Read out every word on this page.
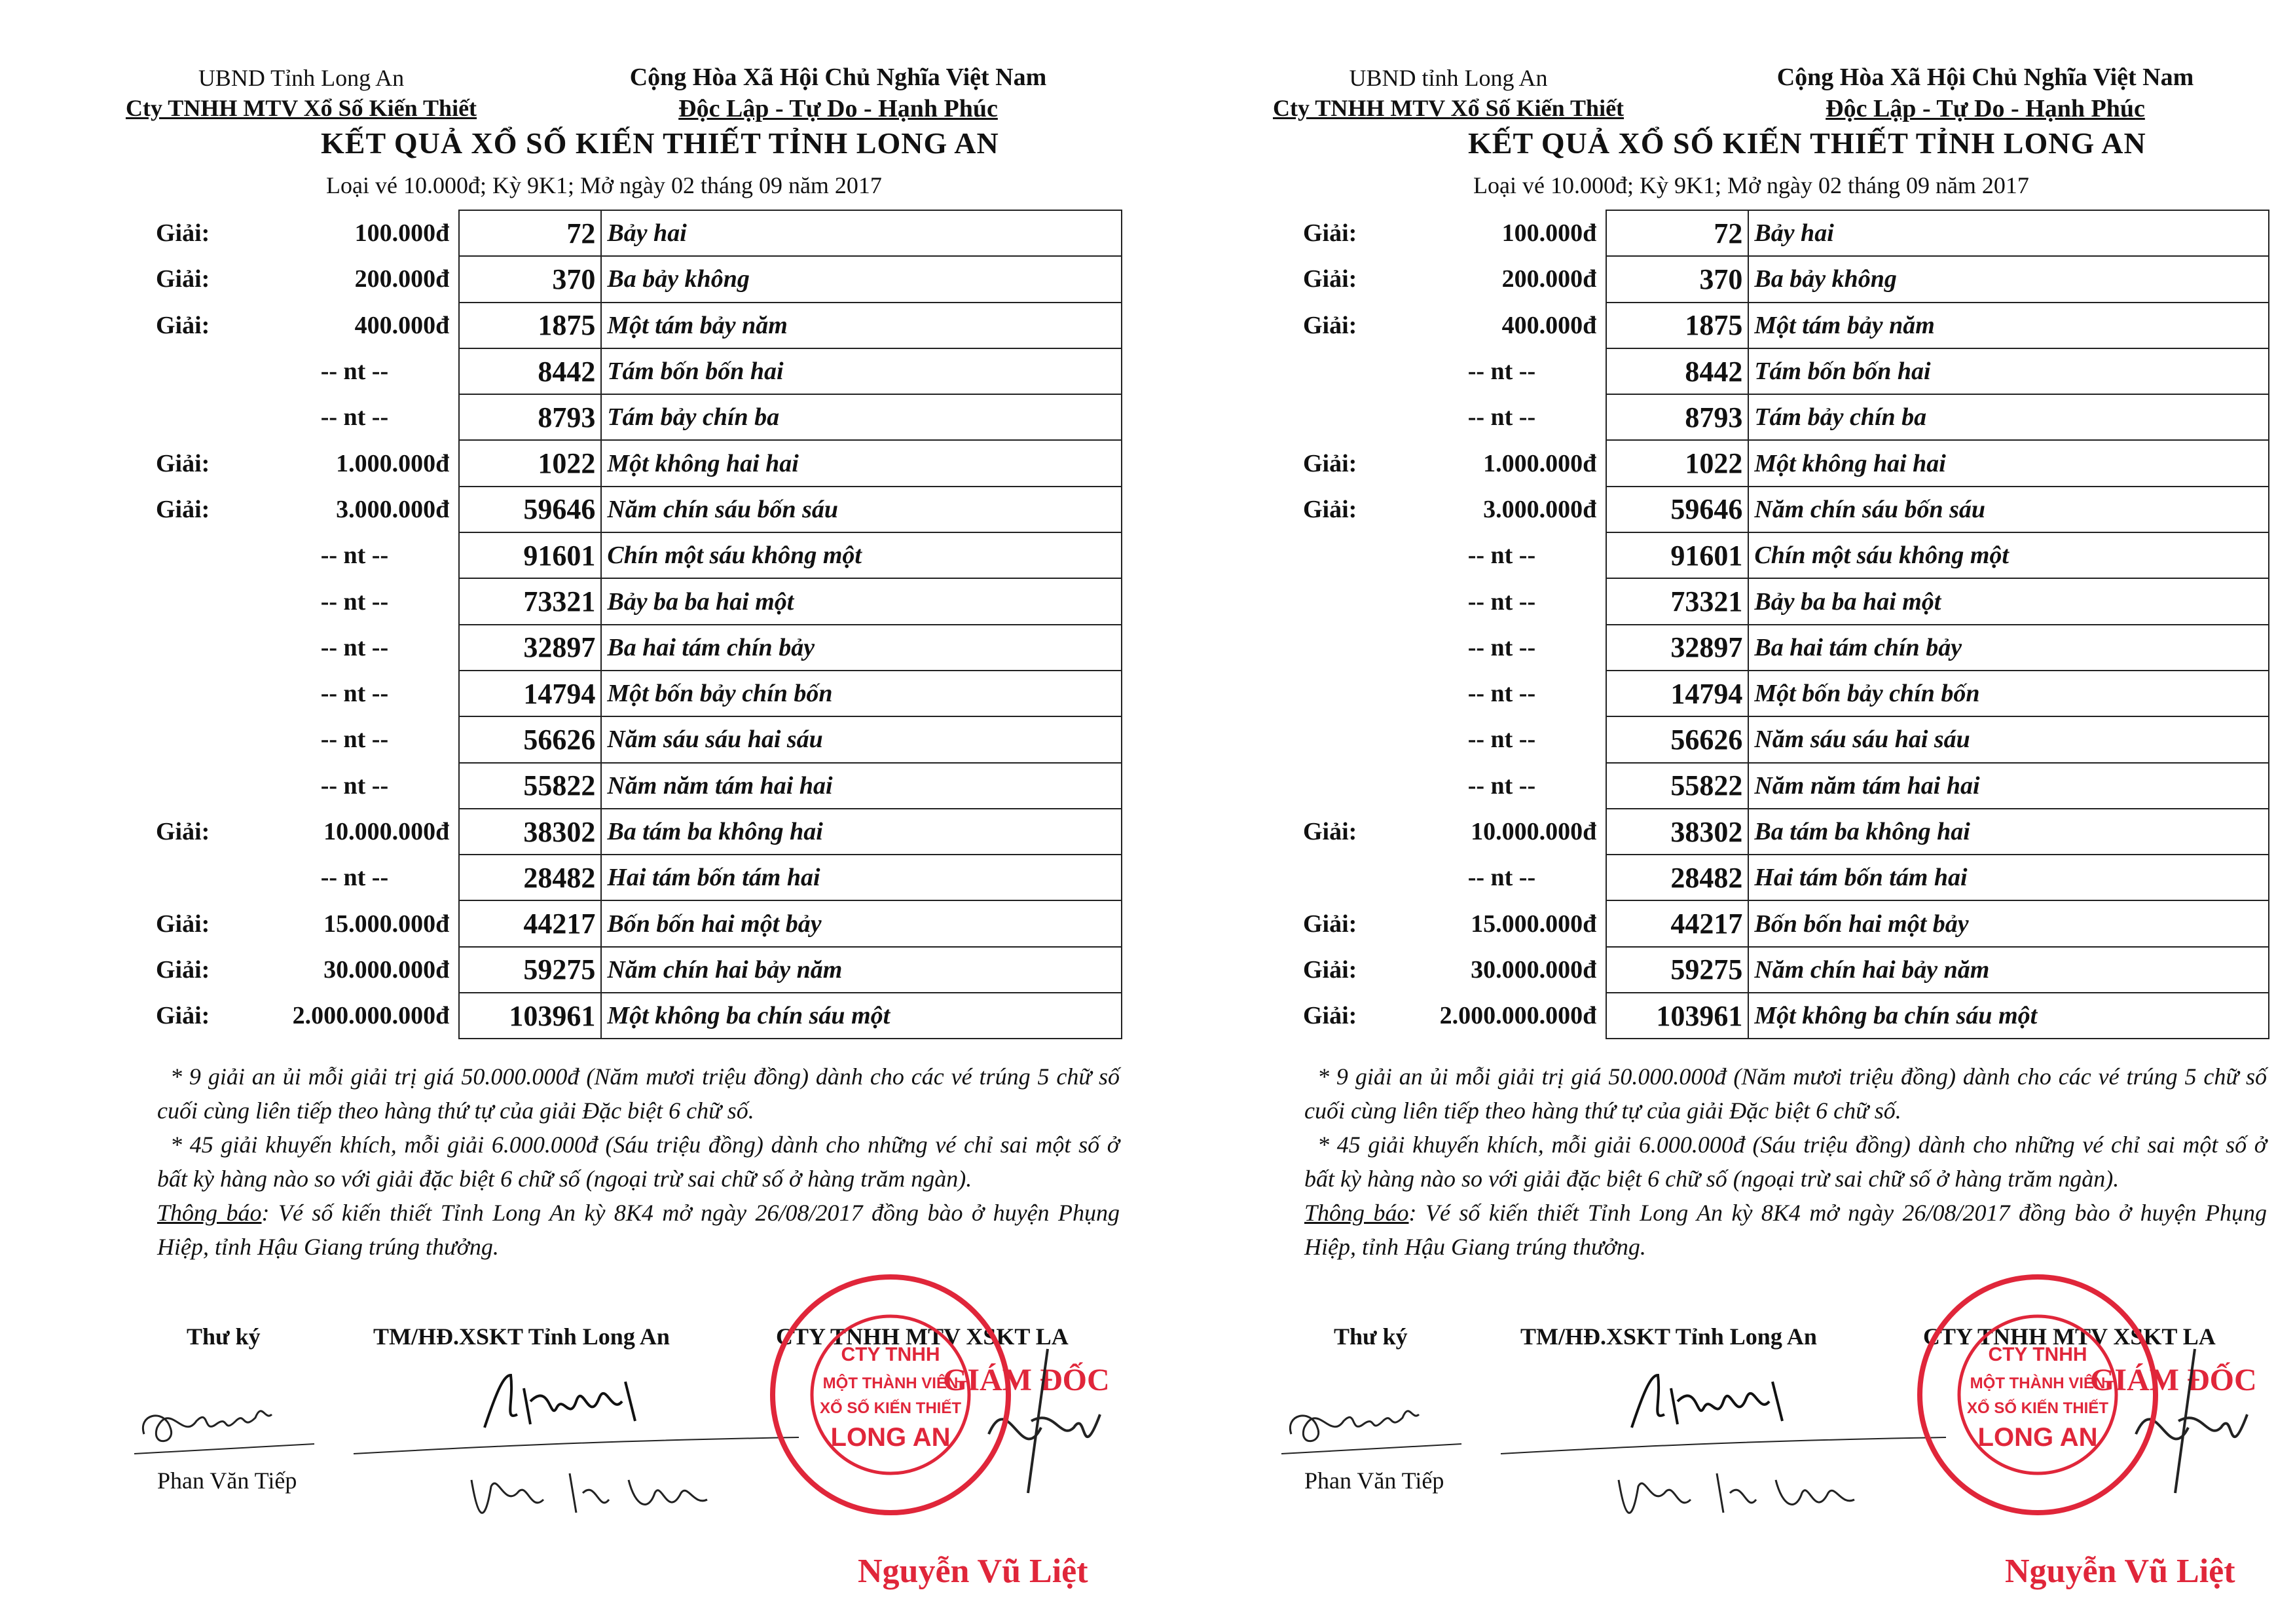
UBND Tỉnh Long An
Cty TNHH MTV Xổ Số Kiến Thiết
Cộng Hòa Xã Hội Chủ Nghĩa Việt Nam
Độc Lập - Tự Do - Hạnh Phúc
KẾT QUẢ XỔ SỐ KIẾN THIẾT TỈNH LONG AN
Loại vé 10.000đ; Kỳ 9K1; Mở ngày 02 tháng 09 năm 2017
Giải:	100.000đ	72	Bảy hai
Giải:	200.000đ	370	Ba bảy không
Giải:	400.000đ	1875	Một tám bảy năm
	-- nt --	8442	Tám bốn bốn hai
	-- nt --	8793	Tám bảy chín ba
Giải:	1.000.000đ	1022	Một không hai hai
Giải:	3.000.000đ	59646	Năm chín sáu bốn sáu
	-- nt --	91601	Chín một sáu không một
	-- nt --	73321	Bảy ba ba hai một
	-- nt --	32897	Ba hai tám chín bảy
	-- nt --	14794	Một bốn bảy chín bốn
	-- nt --	56626	Năm sáu sáu hai sáu
	-- nt --	55822	Năm năm tám hai hai
Giải:	10.000.000đ	38302	Ba tám ba không hai
	-- nt --	28482	Hai tám bốn tám hai
Giải:	15.000.000đ	44217	Bốn bốn hai một bảy
Giải:	30.000.000đ	59275	Năm chín hai bảy năm
Giải:	2.000.000.000đ	103961	Một không ba chín sáu một

* 9 giải an ủi mỗi giải trị giá 50.000.000đ (Năm mươi triệu đồng) dành cho các vé trúng 5 chữ số cuối cùng liên tiếp theo hàng thứ tự của giải Đặc biệt 6 chữ số.

* 45 giải khuyến khích, mỗi giải 6.000.000đ (Sáu triệu đồng) dành cho những vé chỉ sai một số ở bất kỳ hàng nào so với giải đặc biệt 6 chữ số (ngoại trừ sai chữ số ở hàng trăm ngàn).

Thông báo: Vé số kiến thiết Tỉnh Long An kỳ 8K4 mở ngày 26/08/2017 đồng bào ở huyện Phụng Hiệp, tỉnh Hậu Giang trúng thưởng.

Thư ký	TM/HĐ.XSKT Tỉnh Long An	CTY TNHH MTV XSKT LA
GIÁM ĐỐC
CTY TNHH
MỘT THÀNH VIÊN
XỔ SỐ KIẾN THIẾT
LONG AN
Phan Văn Tiếp
Nguyễn Vũ Liệt
UBND tỉnh Long An
Cty TNHH MTV Xổ Số Kiến Thiết
Cộng Hòa Xã Hội Chủ Nghĩa Việt Nam
Độc Lập - Tự Do - Hạnh Phúc
KẾT QUẢ XỔ SỐ KIẾN THIẾT TỈNH LONG AN
Loại vé 10.000đ; Kỳ 9K1; Mở ngày 02 tháng 09 năm 2017
Giải:	100.000đ	72	Bảy hai
Giải:	200.000đ	370	Ba bảy không
Giải:	400.000đ	1875	Một tám bảy năm
	-- nt --	8442	Tám bốn bốn hai
	-- nt --	8793	Tám bảy chín ba
Giải:	1.000.000đ	1022	Một không hai hai
Giải:	3.000.000đ	59646	Năm chín sáu bốn sáu
	-- nt --	91601	Chín một sáu không một
	-- nt --	73321	Bảy ba ba hai một
	-- nt --	32897	Ba hai tám chín bảy
	-- nt --	14794	Một bốn bảy chín bốn
	-- nt --	56626	Năm sáu sáu hai sáu
	-- nt --	55822	Năm năm tám hai hai
Giải:	10.000.000đ	38302	Ba tám ba không hai
	-- nt --	28482	Hai tám bốn tám hai
Giải:	15.000.000đ	44217	Bốn bốn hai một bảy
Giải:	30.000.000đ	59275	Năm chín hai bảy năm
Giải:	2.000.000.000đ	103961	Một không ba chín sáu một

* 9 giải an ủi mỗi giải trị giá 50.000.000đ (Năm mươi triệu đồng) dành cho các vé trúng 5 chữ số cuối cùng liên tiếp theo hàng thứ tự của giải Đặc biệt 6 chữ số.

* 45 giải khuyến khích, mỗi giải 6.000.000đ (Sáu triệu đồng) dành cho những vé chỉ sai một số ở bất kỳ hàng nào so với giải đặc biệt 6 chữ số (ngoại trừ sai chữ số ở hàng trăm ngàn).

Thông báo: Vé số kiến thiết Tỉnh Long An kỳ 8K4 mở ngày 26/08/2017 đồng bào ở huyện Phụng Hiệp, tỉnh Hậu Giang trúng thưởng.

Thư ký	TM/HĐ.XSKT Tỉnh Long An	CTY TNHH MTV XSKT LA
GIÁM ĐỐC
CTY TNHH
MỘT THÀNH VIÊN
XỔ SỐ KIẾN THIẾT
LONG AN
Phan Văn Tiếp
Nguyễn Vũ Liệt
